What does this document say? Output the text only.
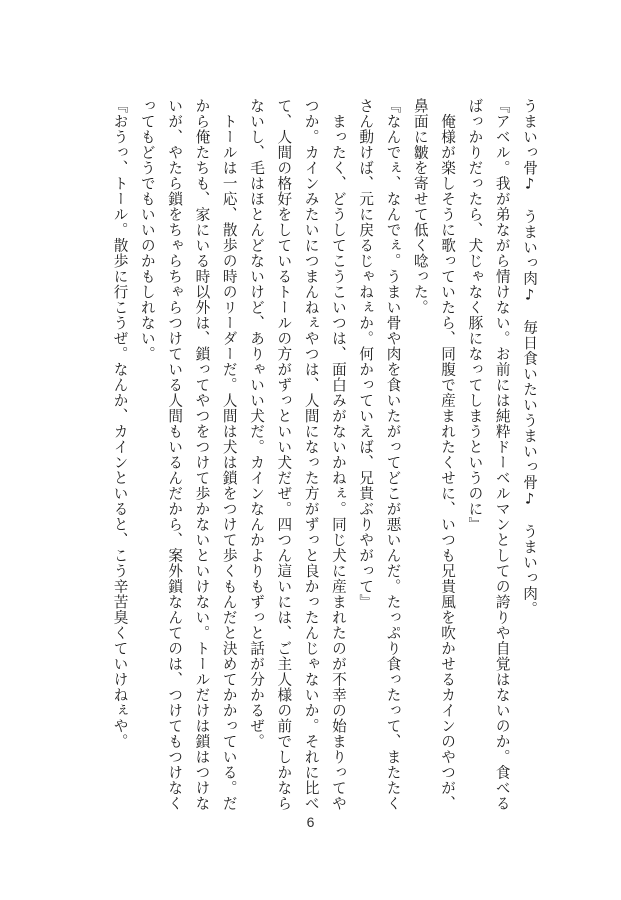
うまいっ骨♪　うまいっ肉♪　毎日食いたいうまいっ骨♪　うまいっ肉。

『アベル。我が弟ながら情けない。お前には純粋ドーベルマンとしての誇りや自覚はないのか。食べるばっかりだったら、犬じゃなく豚になってしまうというのに』

　俺様が楽しそうに歌っていたら、同腹で産まれたくせに、いつも兄貴風を吹かせるカインのやつが、鼻面に皺を寄せて低く唸った。

『なんでぇ、なんでぇ。うまい骨や肉を食いたがってどこが悪いんだ。たっぷり食ったって、またたくさん動けば、元に戻るじゃねぇか。何かっていえば、兄貴ぶりやがって』

　まったく、どうしてこうこいつは、面白みがないかねぇ。同じ犬に産まれたのが不幸の始まりってやつか。カインみたいにつまんねぇやつは、人間になった方がずっと良かったんじゃないか。それに比べて、人間の格好をしているトールの方がずっといい犬だぜ。四つん這いには、ご主人様の前でしかならないし、毛はほとんどないけど、ありゃいい犬だ。カインなんかよりもずっと話が分かるぜ。

　トールは一応、散歩の時のリーダーだ。人間は犬は鎖をつけて歩くもんだと決めてかかっている。だから俺たちも、家にいる時以外は、鎖ってやつをつけて歩かないといけない。トールだけは鎖はつけないが、やたら鎖をちゃらちゃらつけている人間もいるんだから、案外鎖なんてのは、つけてもつけなくってもどうでもいいのかもしれない。

『おうっ、トール。散歩に行こうぜ。なんか、カインといると、こう辛苦臭くていけねぇや。

6
